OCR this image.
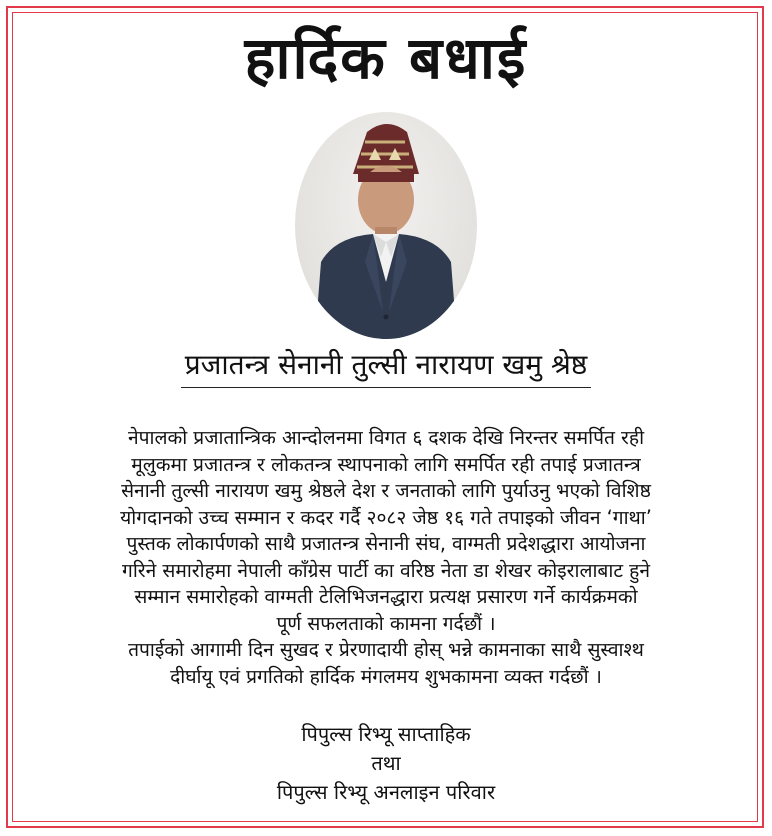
हार्दिक बधाई
प्रजातन्त्र सेनानी तुल्सी नारायण खमु श्रेष्ठ
नेपालको प्रजातान्त्रिक आन्दोलनमा विगत ६ दशक देखि निरन्तर समर्पित रही
मूलुकमा प्रजातन्त्र र लोकतन्त्र स्थापनाको लागि समर्पित रही तपाई प्रजातन्त्र
सेनानी तुल्सी नारायण खमु श्रेष्ठले देश र जनताको लागि पुर्याउनु भएको विशिष्ठ
योगदानको उच्च सम्मान र कदर गर्दै २०८२ जेष्ठ १६ गते तपाइको जीवन ‘गाथा’
पुस्तक लोकार्पणको साथै प्रजातन्त्र सेनानी संघ, वाग्मती प्रदेशद्धारा आयोजना
गरिने समारोहमा नेपाली काँग्रेस पार्टी का वरिष्ठ नेता डा शेखर कोइरालाबाट हुने
सम्मान समारोहको वाग्मती टेलिभिजनद्धारा प्रत्यक्ष प्रसारण गर्ने कार्यक्रमको
पूर्ण सफलताको कामना गर्दछौं ।
तपाईको आगामी दिन सुखद र प्रेरणादायी होस् भन्ने कामनाका साथै सुस्वाश्थ
दीर्घायू एवं प्रगतिको हार्दिक मंगलमय शुभकामना व्यक्त गर्दछौं ।
पिपुल्स रिभ्यू साप्ताहिक
तथा
पिपुल्स रिभ्यू अनलाइन परिवार
